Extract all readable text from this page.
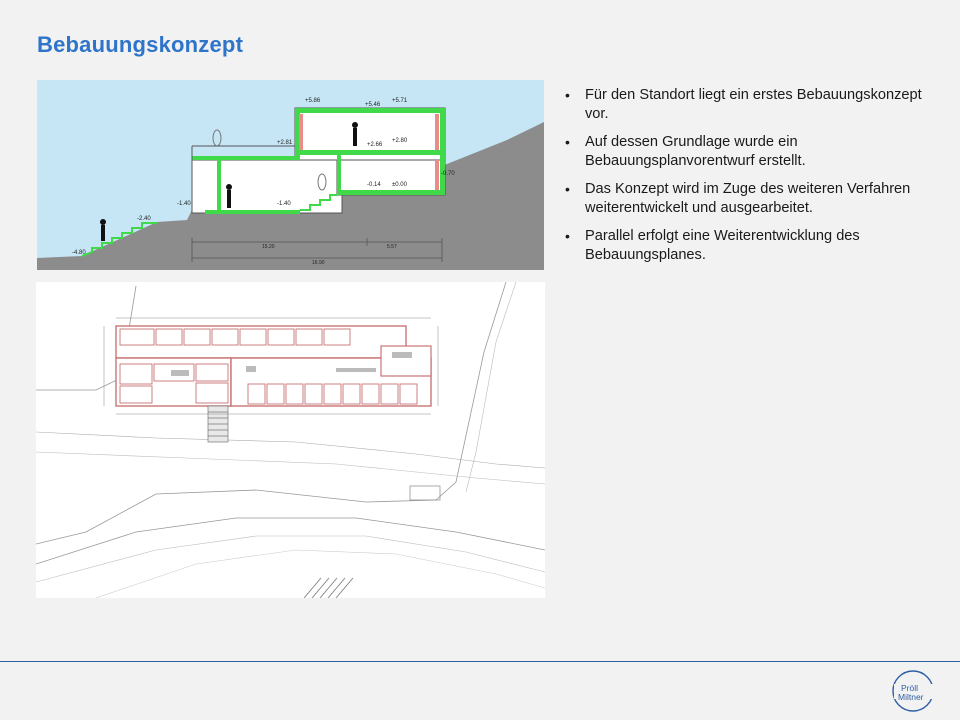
Bebauungskonzept
+5.86
+5.46
+5.71
+2.81	+2.66
+2.80
-0.14 ±0.00
-0.70
-1.40	-1.40
-2.40
-4.80
15.20	5.57
16.90
• Für den Standort liegt ein erstes Bebauungskonzept vor.
• Auf dessen Grundlage wurde ein Bebauungsplanvorentwurf erstellt.
• Das Konzept wird im Zuge des weiteren Verfahren weiterentwickelt und ausgearbeitet.
• Parallel erfolgt eine Weiterentwicklung des Bebauungsplanes.
Pröll
Miltner
